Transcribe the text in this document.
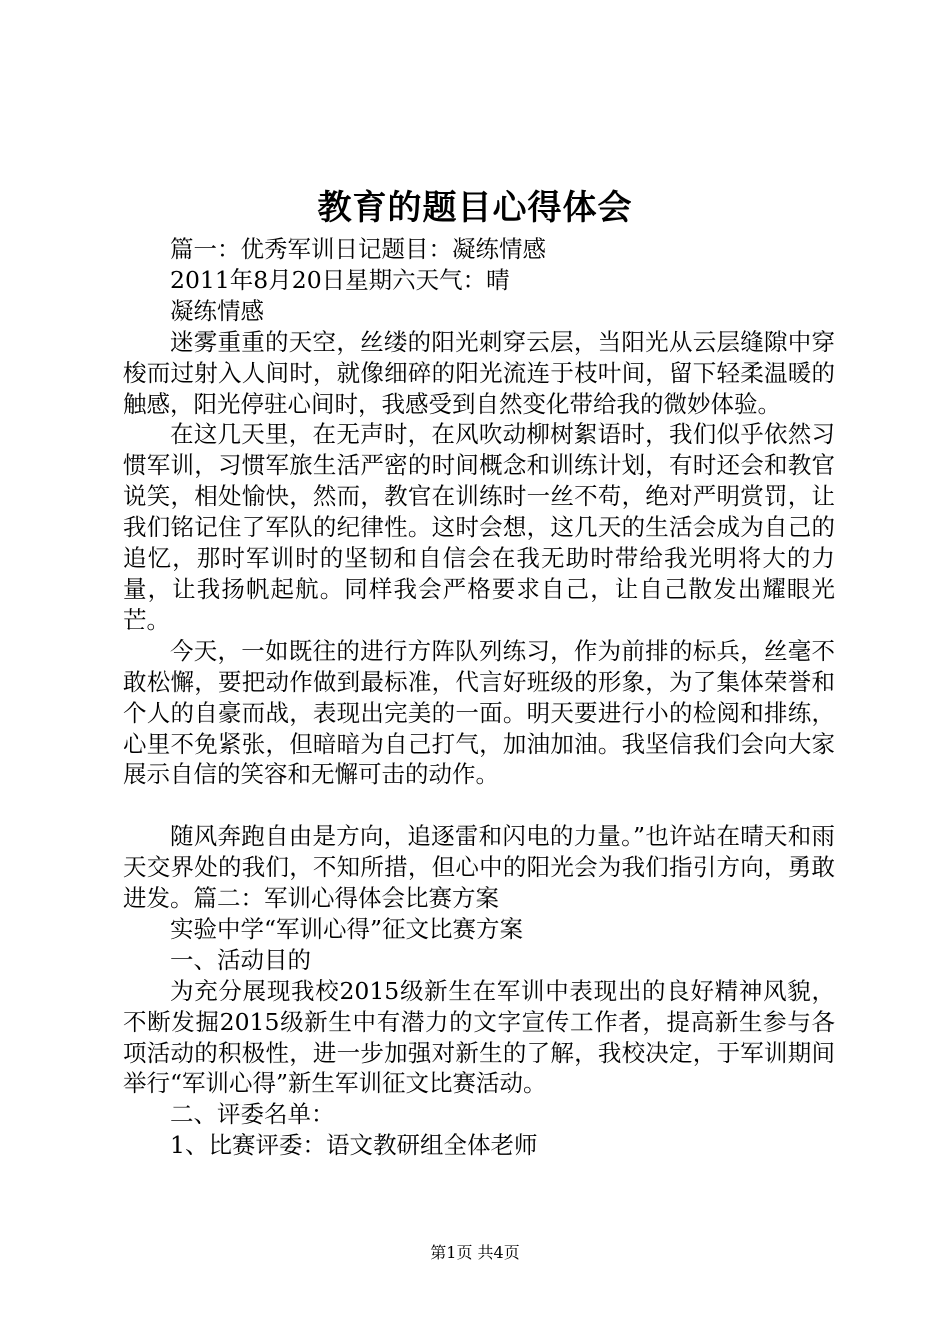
教育的题目心得体会

篇一：优秀军训日记题目：凝练情感

2011年8月20日星期六天气：晴

凝练情感

迷雾重重的天空，丝缕的阳光刺穿云层，当阳光从云层缝隙中穿梭而过射入人间时，就像细碎的阳光流连于枝叶间，留下轻柔温暖的触感，阳光停驻心间时，我感受到自然变化带给我的微妙体验。

在这几天里，在无声时，在风吹动柳树絮语时，我们似乎依然习惯军训，习惯军旅生活严密的时间概念和训练计划，有时还会和教官说笑，相处愉快，然而，教官在训练时一丝不苟，绝对严明赏罚，让我们铭记住了军队的纪律性。这时会想，这几天的生活会成为自己的追忆，那时军训时的坚韧和自信会在我无助时带给我光明将大的力量，让我扬帆起航。同样我会严格要求自己，让自己散发出耀眼光芒。

今天，一如既往的进行方阵队列练习，作为前排的标兵，丝毫不敢松懈，要把动作做到最标准，代言好班级的形象，为了集体荣誉和个人的自豪而战，表现出完美的一面。明天要进行小的检阅和排练，心里不免紧张，但暗暗为自己打气，加油加油。我坚信我们会向大家展示自信的笑容和无懈可击的动作。

随风奔跑自由是方向，追逐雷和闪电的力量。”也许站在晴天和雨天交界处的我们，不知所措，但心中的阳光会为我们指引方向，勇敢进发。篇二：军训心得体会比赛方案

实验中学“军训心得”征文比赛方案

一、活动目的

为充分展现我校2015级新生在军训中表现出的良好精神风貌，不断发掘2015级新生中有潜力的文字宣传工作者，提高新生参与各项活动的积极性，进一步加强对新生的了解，我校决定，于军训期间举行“军训心得”新生军训征文比赛活动。

二、评委名单：

1、比赛评委：语文教研组全体老师

第1页 共4页
